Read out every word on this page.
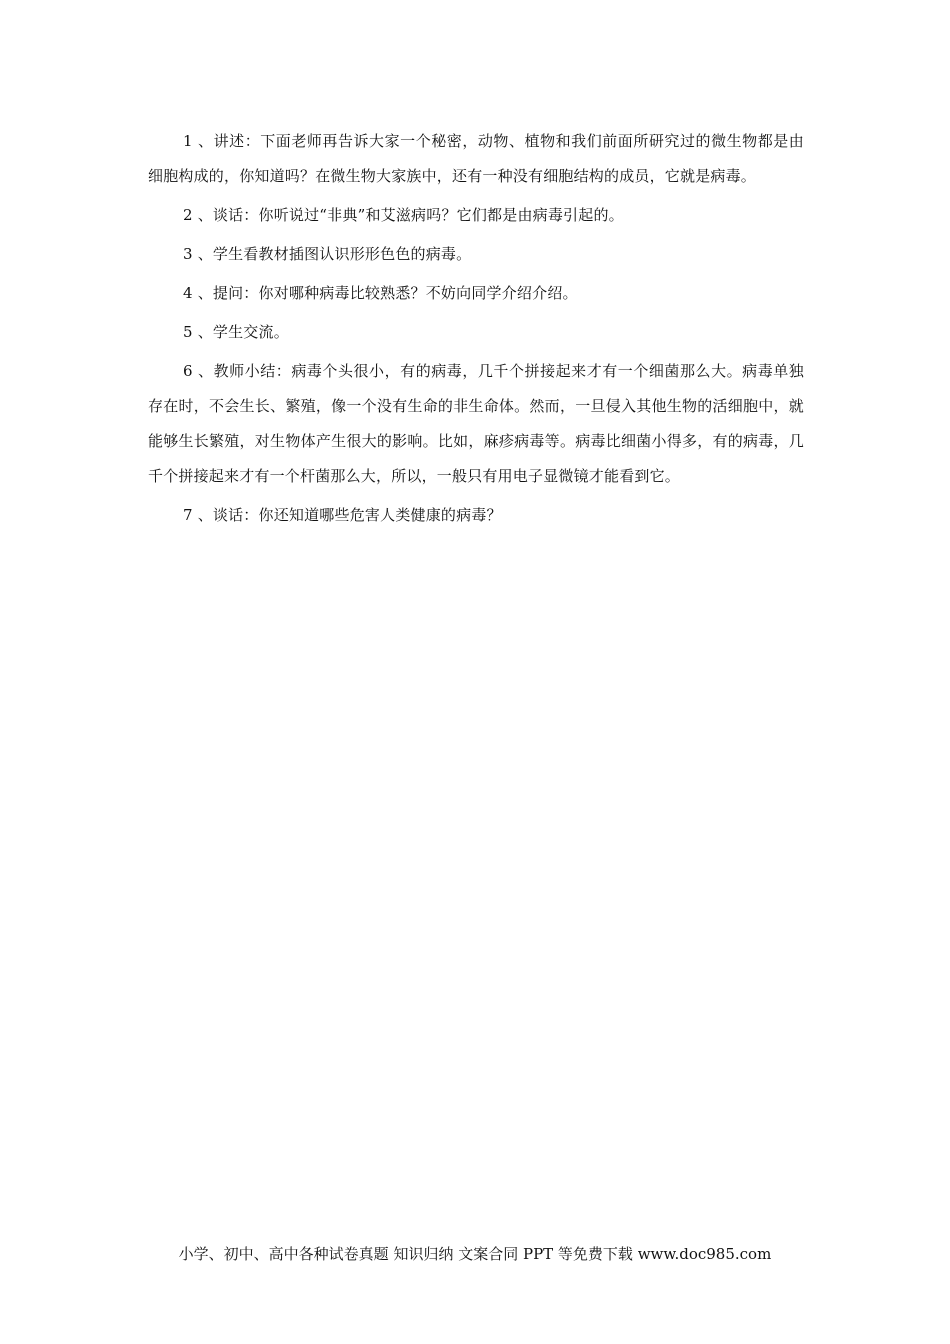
1 、讲述：下面老师再告诉大家一个秘密，动物、植物和我们前面所研究过的微生物都是由细胞构成的，你知道吗？在微生物大家族中，还有一种没有细胞结构的成员，它就是病毒。

2 、谈话：你听说过“非典”和艾滋病吗？它们都是由病毒引起的。

3 、学生看教材插图认识形形色色的病毒。

4 、提问：你对哪种病毒比较熟悉？不妨向同学介绍介绍。

5 、学生交流。

6 、教师小结：病毒个头很小，有的病毒，几千个拼接起来才有一个细菌那么大。病毒单独存在时，不会生长、繁殖，像一个没有生命的非生命体。然而，一旦侵入其他生物的活细胞中，就能够生长繁殖，对生物体产生很大的影响。比如，麻疹病毒等。病毒比细菌小得多，有的病毒，几千个拼接起来才有一个杆菌那么大，所以，一般只有用电子显微镜才能看到它。

7 、谈话：你还知道哪些危害人类健康的病毒？

小学、初中、高中各种试卷真题 知识归纳 文案合同 PPT 等免费下载 www.doc985.com
